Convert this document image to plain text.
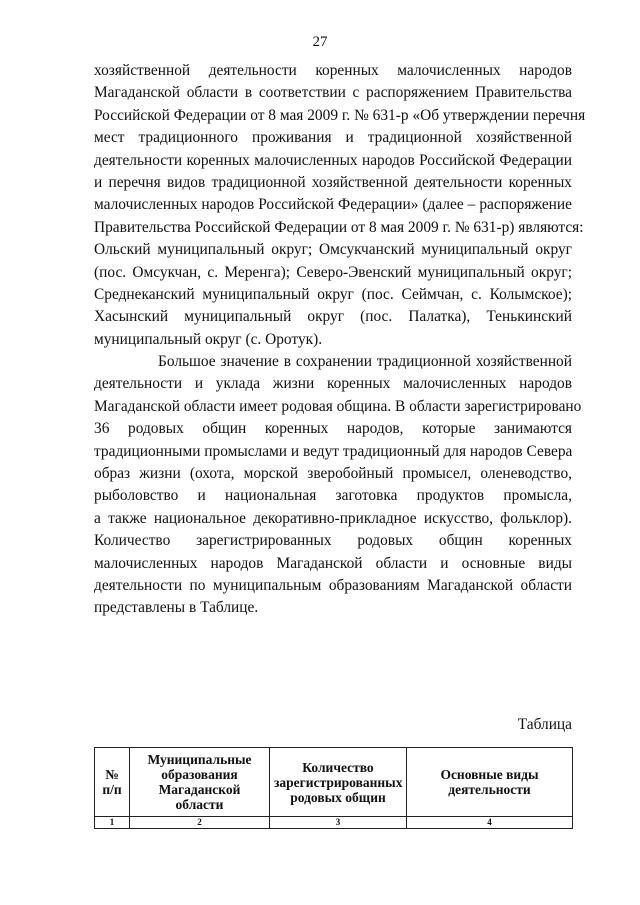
27
хозяйственной деятельности коренных малочисленных народов
Магаданской области в соответствии с распоряжением Правительства
Российской Федерации от 8 мая 2009 г. № 631-р «Об утверждении перечня
мест традиционного проживания и традиционной хозяйственной
деятельности коренных малочисленных народов Российской Федерации
и перечня видов традиционной хозяйственной деятельности коренных
малочисленных народов Российской Федерации» (далее – распоряжение
Правительства Российской Федерации от 8 мая 2009 г. № 631-р) являются:
Ольский муниципальный округ; Омсукчанский муниципальный округ
(пос. Омсукчан, с. Меренга); Северо-Эвенский муниципальный округ;
Среднеканский муниципальный округ (пос. Сеймчан, с. Колымское);
Хасынский муниципальный округ (пос. Палатка), Тенькинский
муниципальный округ (с. Оротук).
Большое значение в сохранении традиционной хозяйственной
деятельности и уклада жизни коренных малочисленных народов
Магаданской области имеет родовая община. В области зарегистрировано
36 родовых общин коренных народов, которые занимаются
традиционными промыслами и ведут традиционный для народов Севера
образ жизни (охота, морской зверобойный промысел, оленеводство,
рыболовство и национальная заготовка продуктов промысла,
а также национальное декоративно-прикладное искусство, фольклор).
Количество зарегистрированных родовых общин коренных
малочисленных народов Магаданской области и основные виды
деятельности по муниципальным образованиям Магаданской области
представлены в Таблице.
Таблица
№ п/п	Муниципальные образования Магаданской области	Количество зарегистрированных родовых общин	Основные виды деятельности
1	2	3	4
